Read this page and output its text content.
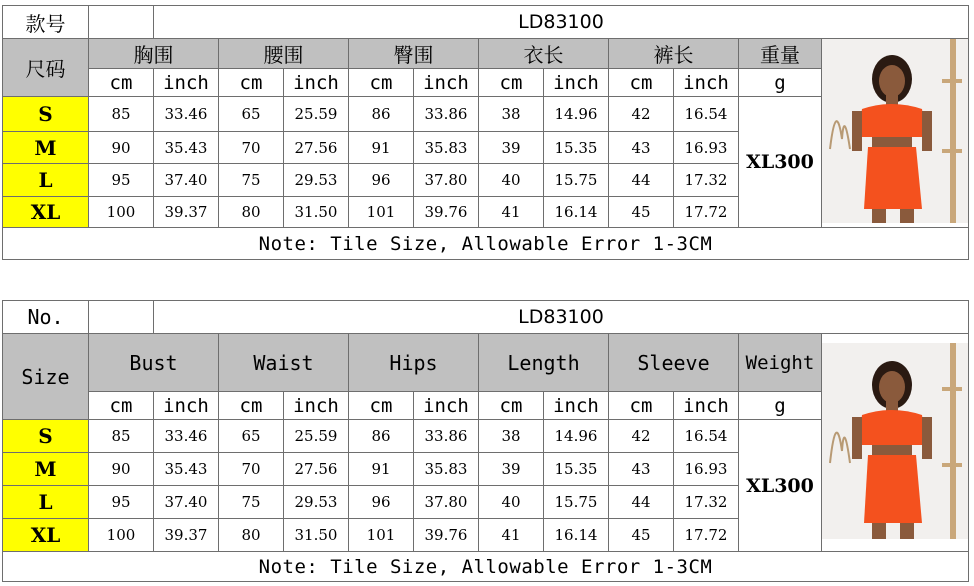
款号		LD83100										
尺码	胸围		腰围		臀围		衣长		裤长		重量	
	cm	inch	cm	inch	cm	inch	cm	inch	cm	inch	g	
S	85	33.46	65	25.59	86	33.86	38	14.96	42	16.54	XL300	
M	90	35.43	70	27.56	91	35.83	39	15.35	43	16.93		
L	95	37.40	75	29.53	96	37.80	40	15.75	44	17.32		
XL	100	39.37	80	31.50	101	39.76	41	16.14	45	17.72		
Note: Tile Size, Allowable Error 1-3CM												
No.		LD83100										
Size	Bust		Waist		Hips		Length		Sleeve		Weight	
	cm	inch	cm	inch	cm	inch	cm	inch	cm	inch	g	
S	85	33.46	65	25.59	86	33.86	38	14.96	42	16.54	XL300	
M	90	35.43	70	27.56	91	35.83	39	15.35	43	16.93		
L	95	37.40	75	29.53	96	37.80	40	15.75	44	17.32		
XL	100	39.37	80	31.50	101	39.76	41	16.14	45	17.72		
Note: Tile Size, Allowable Error 1-3CM												
